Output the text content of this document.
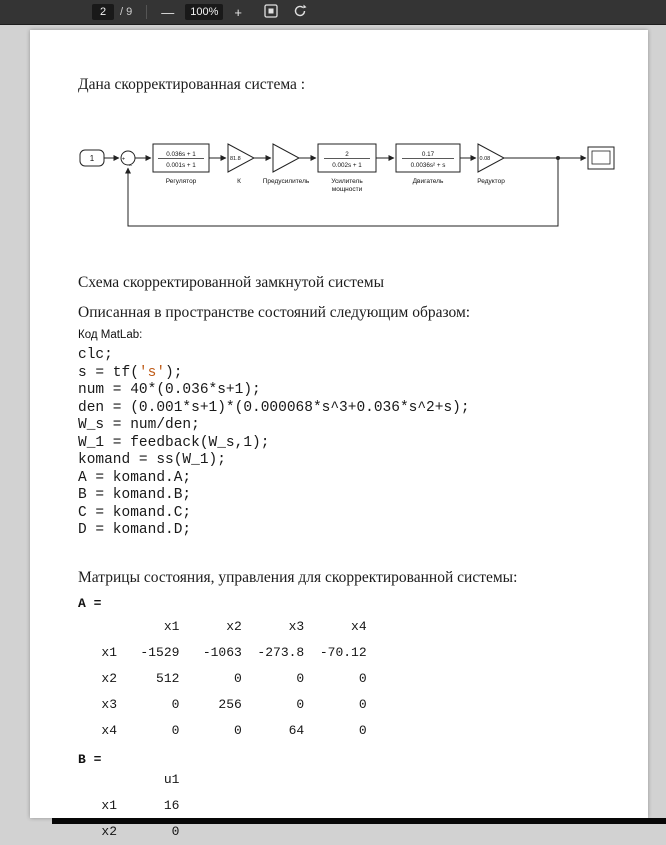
2	/ 9 —	100%	+

Дана скорректированная система :

1	+
–
0.036s + 1
0.001s + 1
81.8
2
0.002s + 1
0.17
0.0036s² + s
0.08
Регулятор	К	Предусилитель	Усилитель
мощности
Двигатель	Редуктор

Схема скорректированной замкнутой системы

Описанная в пространстве состояний следующим образом:

Код MatLab:
clc;
s = tf('s');
num = 40*(0.036*s+1);
den = (0.001*s+1)*(0.000068*s^3+0.036*s^2+s);
W_s = num/den;
W_1 = feedback(W_s,1);
komand = ss(W_1);
A = komand.A;
B = komand.B;
C = komand.C;
D = komand.D;

Матрицы состояния, управления для скорректированной системы:

A =
x1      x2      x3      x4
x1   -1529   -1063  -273.8  -70.12
x2     512       0       0       0
x3       0     256       0       0
x4       0       0      64       0
B =
u1
x1      16
x2       0
